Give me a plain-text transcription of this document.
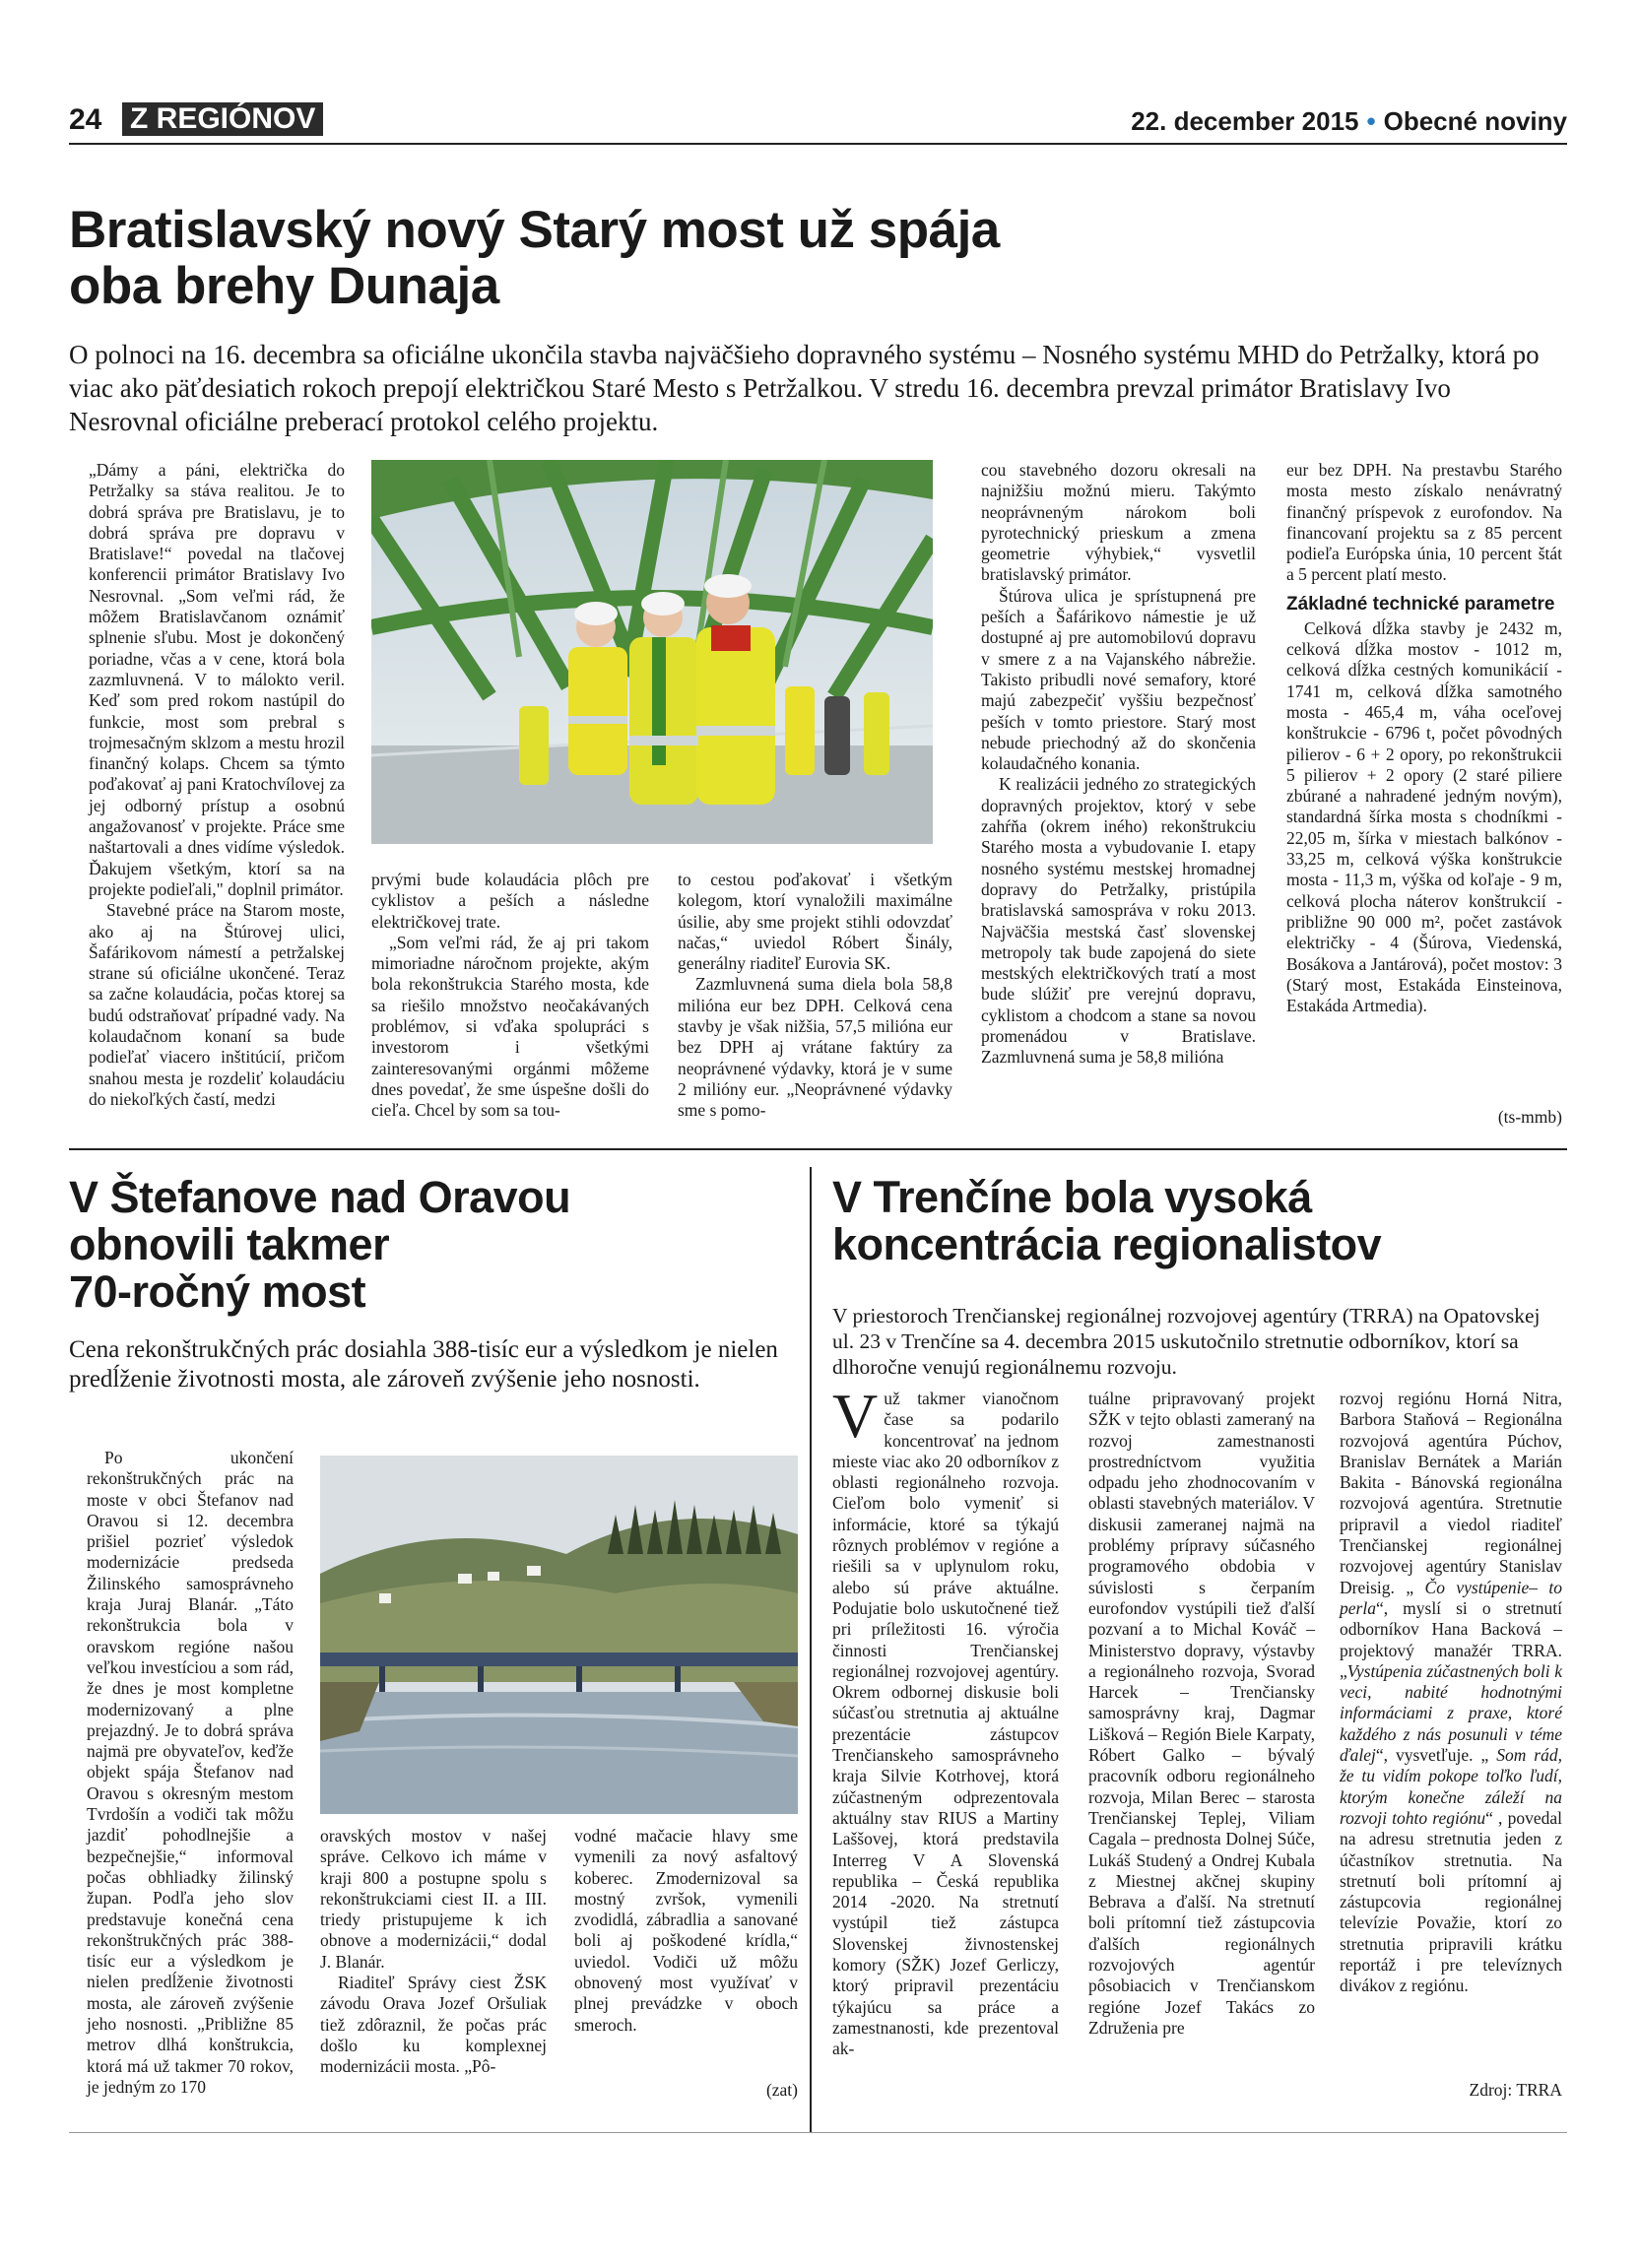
24 Z REGIÓNOV	22. december 2015 • Obecné noviny
Bratislavský nový Starý most už spája
oba brehy Dunaja
O polnoci na 16. decembra sa oficiálne ukončila stavba najväčšieho dopravného systému – Nosného systému MHD do Petržalky, ktorá po viac ako päťdesiatich rokoch prepojí električkou Staré Mesto s Petržalkou. V stredu 16. decembra prevzal primátor Bratislavy Ivo Nesrovnal oficiálne preberací protokol celého projektu.

„Dámy a páni, električka do Petržalky sa stáva realitou. Je to dobrá správa pre Bratislavu, je to dobrá správa pre dopravu v Bratislave!“ povedal na tlačovej konferencii primátor Bratislavy Ivo Nesrovnal. „Som veľmi rád, že môžem Bratislavčanom oznámiť splnenie sľubu. Most je dokončený poriadne, včas a v cene, ktorá bola zazmluvnená. V to málokto veril. Keď som pred rokom nastúpil do funkcie, most som prebral s trojmesačným sklzom a mestu hrozil finančný kolaps. Chcem sa týmto poďakovať aj pani Kratochvílovej za jej odborný prístup a osobnú angažovanosť v projekte. Práce sme naštartovali a dnes vidíme výsledok. Ďakujem všetkým, ktorí sa na projekte podieľali," doplnil primátor.

Stavebné práce na Starom moste, ako aj na Štúrovej ulici, Šafárikovom námestí a petržalskej strane sú oficiálne ukončené. Teraz sa začne kolaudácia, počas ktorej sa budú odstraňovať prípadné vady. Na kolaudačnom konaní sa bude podieľať viacero inštitúcií, pričom snahou mesta je rozdeliť kolaudáciu do niekoľkých častí, medzi

prvými bude kolaudácia plôch pre cyklistov a peších a následne električkovej trate.

„Som veľmi rád, že aj pri takom mimoriadne náročnom projekte, akým bola rekonštrukcia Starého mosta, kde sa riešilo množstvo neočakávaných problémov, si vďaka spolupráci s investorom i všetkými zainteresovanými orgánmi môžeme dnes povedať, že sme úspešne došli do cieľa. Chcel by som sa tou-

to cestou poďakovať i všetkým kolegom, ktorí vynaložili maximálne úsilie, aby sme projekt stihli odovzdať načas,“ uviedol Róbert Šinály, generálny riaditeľ Eurovia SK.

Zazmluvnená suma diela bola 58,8 milióna eur bez DPH. Celková cena stavby je však nižšia, 57,5 milióna eur bez DPH aj vrátane faktúry za neoprávnené výdavky, ktorá je v sume 2 milióny eur. „Neoprávnené výdavky sme s pomo-

cou stavebného dozoru okresali na najnižšiu možnú mieru. Takýmto neoprávneným nárokom boli pyrotechnický prieskum a zmena geometrie výhybiek,“ vysvetlil bratislavský primátor.

Štúrova ulica je sprístupnená pre peších a Šafárikovo námestie je už dostupné aj pre automobilovú dopravu v smere z a na Vajanského nábrežie. Takisto pribudli nové semafory, ktoré majú zabezpečiť vyššiu bezpečnosť peších v tomto priestore. Starý most nebude priechodný až do skončenia kolaudačného konania.

K realizácii jedného zo strategických dopravných projektov, ktorý v sebe zahŕňa (okrem iného) rekonštrukciu Starého mosta a vybudovanie I. etapy nosného systému mestskej hromadnej dopravy do Petržalky, pristúpila bratislavská samospráva v roku 2013. Najväčšia mestská časť slovenskej metropoly tak bude zapojená do siete mestských električkových tratí a most bude slúžiť pre verejnú dopravu, cyklistom a chodcom a stane sa novou promenádou v Bratislave. Zazmluvnená suma je 58,8 milióna

eur bez DPH. Na prestavbu Starého mosta mesto získalo nenávratný finančný príspevok z eurofondov. Na financovaní projektu sa z 85 percent podieľa Európska únia, 10 percent štát a 5 percent platí mesto.

Základné technické parametre

Celková dĺžka stavby je 2432 m, celková dĺžka mostov - 1012 m, celková dĺžka cestných komunikácií - 1741 m, celková dĺžka samotného mosta - 465,4 m, váha oceľovej konštrukcie - 6796 t, počet pôvodných pilierov - 6 + 2 opory, po rekonštrukcii 5 pilierov + 2 opory (2 staré piliere zbúrané a nahradené jedným novým), standardná šírka mosta s chodníkmi - 22,05 m, šírka v miestach balkónov - 33,25 m, celková výška konštrukcie mosta - 11,3 m, výška od koľaje - 9 m, celková plocha náterov konštrukcií - približne 90 000 m², počet zastávok električky - 4 (Šúrova, Viedenská, Bosákova a Jantárová), počet mostov: 3 (Starý most, Estakáda Einsteinova, Estakáda Artmedia).

(ts-mmb)
V Štefanove nad Oravou
obnovili takmer
70-ročný most
Cena rekonštrukčných prác dosiahla 388-tisíc eur a výsledkom je nielen predĺženie životnosti mosta, ale zároveň zvýšenie jeho nosnosti.

Po ukončení rekonštrukčných prác na moste v obci Štefanov nad Oravou si 12. decembra prišiel pozrieť výsledok modernizácie predseda Žilinského samosprávneho kraja Juraj Blanár. „Táto rekonštrukcia bola v oravskom regióne našou veľkou investíciou a som rád, že dnes je most kompletne modernizovaný a plne prejazdný. Je to dobrá správa najmä pre obyvateľov, keďže objekt spája Štefanov nad Oravou s okresným mestom Tvrdošín a vodiči tak môžu jazdiť pohodlnejšie a bezpečnejšie,“ informoval počas obhliadky žilinský župan. Podľa jeho slov predstavuje konečná cena rekonštrukčných prác 388-tisíc eur a výsledkom je nielen predĺženie životnosti mosta, ale zároveň zvýšenie jeho nosnosti. „Približne 85 metrov dlhá konštrukcia, ktorá má už takmer 70 rokov, je jedným zo 170

oravských mostov v našej správe. Celkovo ich máme v kraji 800 a postupne spolu s rekonštrukciami ciest II. a III. triedy pristupujeme k ich obnove a modernizácii,“ dodal J. Blanár.

Riaditeľ Správy ciest ŽSK závodu Orava Jozef Oršuliak tiež zdôraznil, že počas prác došlo ku komplexnej modernizácii mosta. „Pô-

vodné mačacie hlavy sme vymenili za nový asfaltový koberec. Zmodernizoval sa mostný zvršok, vymenili zvodidlá, zábradlia a sanované boli aj poškodené krídla,“ uviedol. Vodiči už môžu obnovený most využívať v plnej prevádzke v oboch smeroch.

(zat)
V Trenčíne bola vysoká
koncentrácia regionalistov
V priestoroch Trenčianskej regionálnej rozvojovej agentúry (TRRA) na Opatovskej ul. 23 v Trenčíne sa 4. decembra 2015 uskutočnilo stretnutie odborníkov, ktorí sa dlhoročne venujú regionálnemu rozvoju.
Vuž takmer vianočnom čase sa podarilo koncentrovať na jednom mieste viac ako 20 odborníkov z oblasti regionálneho rozvoja. Cieľom bolo vymeniť si informácie, ktoré sa týkajú rôznych problémov v regióne a riešili sa v uplynulom roku, alebo sú práve aktuálne. Podujatie bolo uskutočnené tiež pri príležitosti 16. výročia činnosti Trenčianskej regionálnej rozvojovej agentúry. Okrem odbornej diskusie boli súčasťou stretnutia aj aktuálne prezentácie zástupcov Trenčianskeho samosprávneho kraja Silvie Kotrhovej, ktorá zúčastneným odprezentovala aktuálny stav RIUS a Martiny Laššovej, ktorá predstavila Interreg V A Slovenská republika – Česká republika 2014 -2020. Na stretnutí vystúpil tiež zástupca Slovenskej živnostenskej komory (SŽK) Jozef Gerliczy, ktorý pripravil prezentáciu týkajúcu sa práce a zamestnanosti, kde prezentoval ak-

tuálne pripravovaný projekt SŽK v tejto oblasti zameraný na rozvoj zamestnanosti prostredníctvom využitia odpadu jeho zhodnocovaním v oblasti stavebných materiálov. V diskusii zameranej najmä na problémy prípravy súčasného programového obdobia v súvislosti s čerpaním eurofondov vystúpili tiež ďalší pozvaní a to Michal Kováč – Ministerstvo dopravy, výstavby a regionálneho rozvoja, Svorad Harcek – Trenčiansky samosprávny kraj, Dagmar Lišková – Región Biele Karpaty, Róbert Galko – bývalý pracovník odboru regionálneho rozvoja, Milan Berec – starosta Trenčianskej Teplej, Viliam Cagala – prednosta Dolnej Súče, Lukáš Studený a Ondrej Kubala z Miestnej akčnej skupiny Bebrava a ďalší. Na stretnutí boli prítomní tiež zástupcovia ďalších regionálnych rozvojových agentúr pôsobiacich v Trenčianskom regióne Jozef Takács zo Združenia pre

rozvoj regiónu Horná Nitra, Barbora Staňová – Regionálna rozvojová agentúra Púchov, Branislav Bernátek a Marián Bakita - Bánovská regionálna rozvojová agentúra. Stretnutie pripravil a viedol riaditeľ Trenčianskej regionálnej rozvojovej agentúry Stanislav Dreisig. „ Čo vystúpenie– to perla“, myslí si o stretnutí odborníkov Hana Backová – projektový manažér TRRA. „Vystúpenia zúčastnených boli k veci, nabité hodnotnými informáciami z praxe, ktoré každého z nás posunuli v téme ďalej“, vysvetľuje. „ Som rád, že tu vidím pokope toľko ľudí, ktorým konečne záleží na rozvoji tohto regiónu“ , povedal na adresu stretnutia jeden z účastníkov stretnutia. Na stretnutí boli prítomní aj zástupcovia regionálnej televízie Považie, ktorí zo stretnutia pripravili krátku reportáž i pre televíznych divákov z regiónu.

Zdroj: TRRA
